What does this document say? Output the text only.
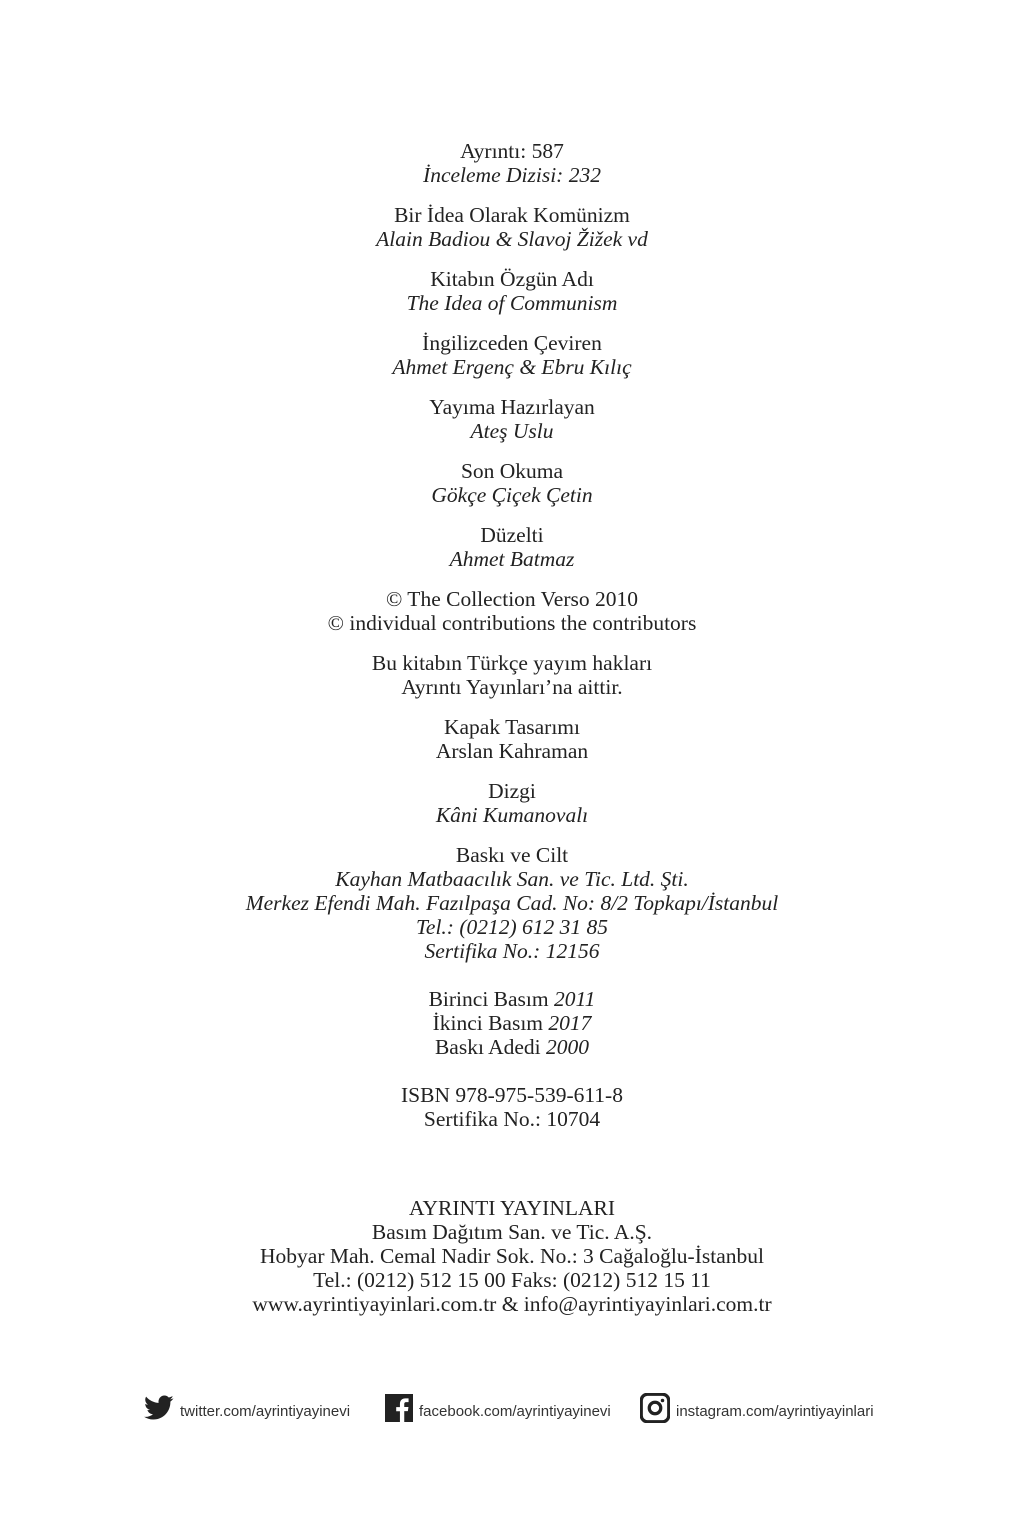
Ayrıntı: 587
İnceleme Dizisi: 232
Bir İdea Olarak Komünizm
Alain Badiou & Slavoj Žižek vd
Kitabın Özgün Adı
The Idea of Communism
İngilizceden Çeviren
Ahmet Ergenç & Ebru Kılıç
Yayıma Hazırlayan
Ateş Uslu
Son Okuma
Gökçe Çiçek Çetin
Düzelti
Ahmet Batmaz
© The Collection Verso 2010
© individual contributions the contributors
Bu kitabın Türkçe yayım hakları
Ayrıntı Yayınları’na aittir.
Kapak Tasarımı
Arslan Kahraman
Dizgi
Kâni Kumanovalı
Baskı ve Cilt
Kayhan Matbaacılık San. ve Tic. Ltd. Şti.
Merkez Efendi Mah. Fazılpaşa Cad. No: 8/2 Topkapı/İstanbul
Tel.: (0212) 612 31 85
Sertifika No.: 12156
Birinci Basım 2011
İkinci Basım 2017
Baskı Adedi 2000
ISBN 978-975-539-611-8
Sertifika No.: 10704
AYRINTI YAYINLARI
Basım Dağıtım San. ve Tic. A.Ş.
Hobyar Mah. Cemal Nadir Sok. No.: 3 Cağaloğlu-İstanbul
Tel.: (0212) 512 15 00 Faks: (0212) 512 15 11
www.ayrintiyayinlari.com.tr & info@ayrintiyayinlari.com.tr
twitter.com/ayrintiyayinevi	facebook.com/ayrintiyayinevi	instagram.com/ayrintiyayinlari
